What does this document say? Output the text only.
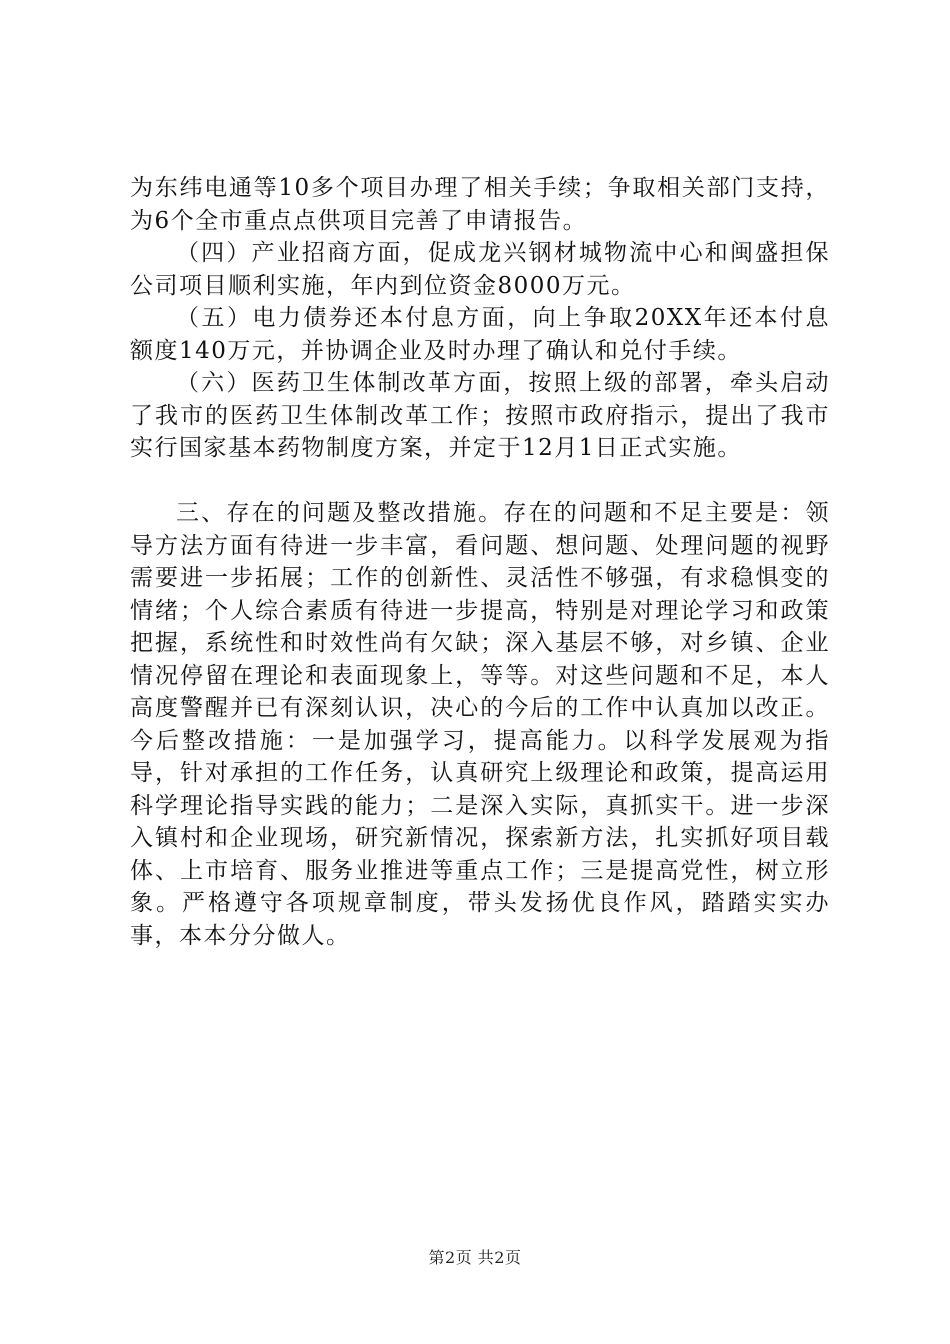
为东纬电通等10多个项目办理了相关手续；争取相关部门支持，为6个全市重点点供项目完善了申请报告。

（四）产业招商方面，促成龙兴钢材城物流中心和闽盛担保公司项目顺利实施，年内到位资金8000万元。

（五）电力债券还本付息方面，向上争取20XX年还本付息额度140万元，并协调企业及时办理了确认和兑付手续。

（六）医药卫生体制改革方面，按照上级的部署，牵头启动了我市的医药卫生体制改革工作；按照市政府指示，提出了我市实行国家基本药物制度方案，并定于12月1日正式实施。

三、存在的问题及整改措施。存在的问题和不足主要是：领导方法方面有待进一步丰富，看问题、想问题、处理问题的视野需要进一步拓展；工作的创新性、灵活性不够强，有求稳惧变的情绪；个人综合素质有待进一步提高，特别是对理论学习和政策把握，系统性和时效性尚有欠缺；深入基层不够，对乡镇、企业情况停留在理论和表面现象上，等等。对这些问题和不足，本人高度警醒并已有深刻认识，决心的今后的工作中认真加以改正。今后整改措施：一是加强学习，提高能力。以科学发展观为指导，针对承担的工作任务，认真研究上级理论和政策，提高运用科学理论指导实践的能力；二是深入实际，真抓实干。进一步深入镇村和企业现场，研究新情况，探索新方法，扎实抓好项目载体、上市培育、服务业推进等重点工作；三是提高党性，树立形象。严格遵守各项规章制度，带头发扬优良作风，踏踏实实办事，本本分分做人。

第2页 共2页
